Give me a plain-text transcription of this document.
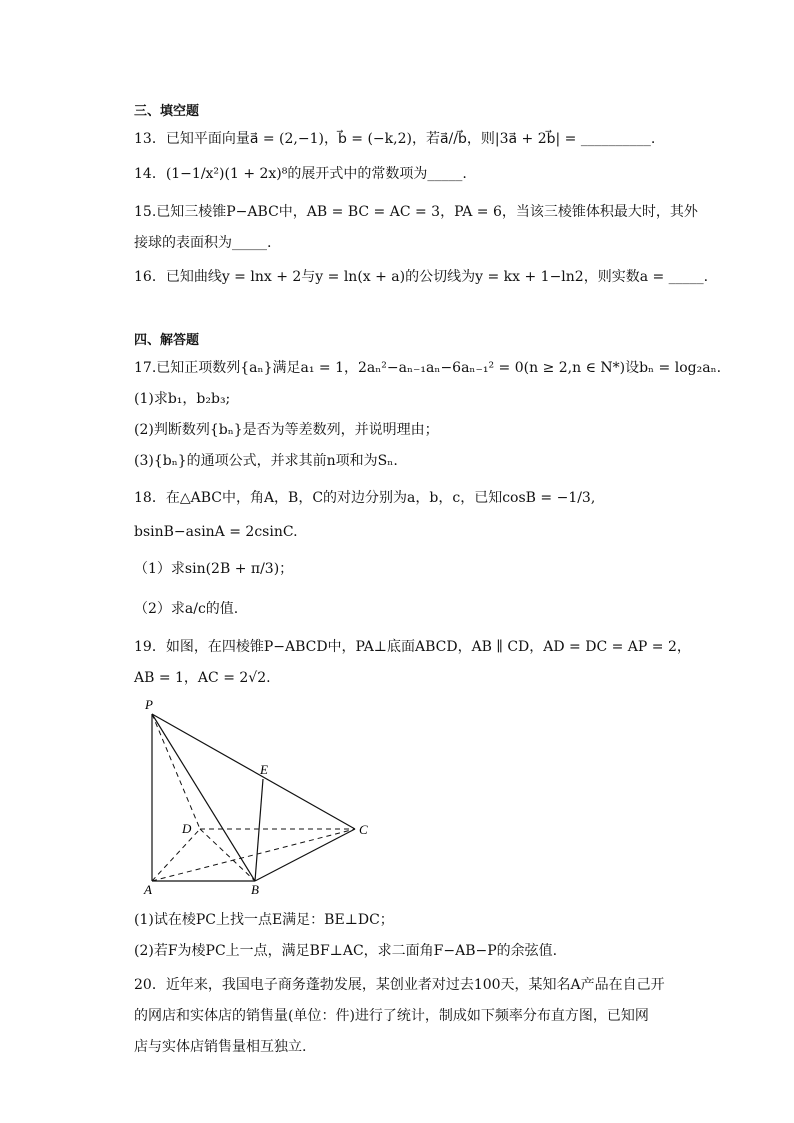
三、填空题
13．已知平面向量a⃗ = (2,−1)，b⃗ = (−k,2)，若a⃗//b⃗，则|3a⃗ + 2b⃗| = __________.
14．(1−1/x²)(1 + 2x)⁸的展开式中的常数项为_____.
15.已知三棱锥P−ABC中，AB = BC = AC = 3，PA = 6，当该三棱锥体积最大时，其外
接球的表面积为_____.
16．已知曲线y = lnx + 2与y = ln(x + a)的公切线为y = kx + 1−ln2，则实数a = _____.
四、解答题
17.已知正项数列{aₙ}满足a₁ = 1，2aₙ²−aₙ₋₁aₙ−6aₙ₋₁² = 0(n ≥ 2,n ∈ N*)设bₙ = log₂aₙ.
(1)求b₁，b₂b₃;
(2)判断数列{bₙ}是否为等差数列，并说明理由；
(3){bₙ}的通项公式，并求其前n项和为Sₙ.
18．在△ABC中，角A，B，C的对边分别为a，b，c，已知cosB = −1/3,
bsinB−asinA = 2csinC.
（1）求sin(2B + π/3)；
（2）求a/c的值.
19．如图，在四棱锥P−ABCD中，PA⊥底面ABCD，AB ∥ CD，AD = DC = AP = 2，
AB = 1，AC = 2√2.
P
E
D	C
A	B
(1)试在棱PC上找一点E满足：BE⊥DC；
(2)若F为棱PC上一点，满足BF⊥AC，求二面角F−AB−P的余弦值.
20．近年来，我国电子商务蓬勃发展，某创业者对过去100天，某知名A产品在自己开
的网店和实体店的销售量(单位：件)进行了统计，制成如下频率分布直方图，已知网
店与实体店销售量相互独立.
